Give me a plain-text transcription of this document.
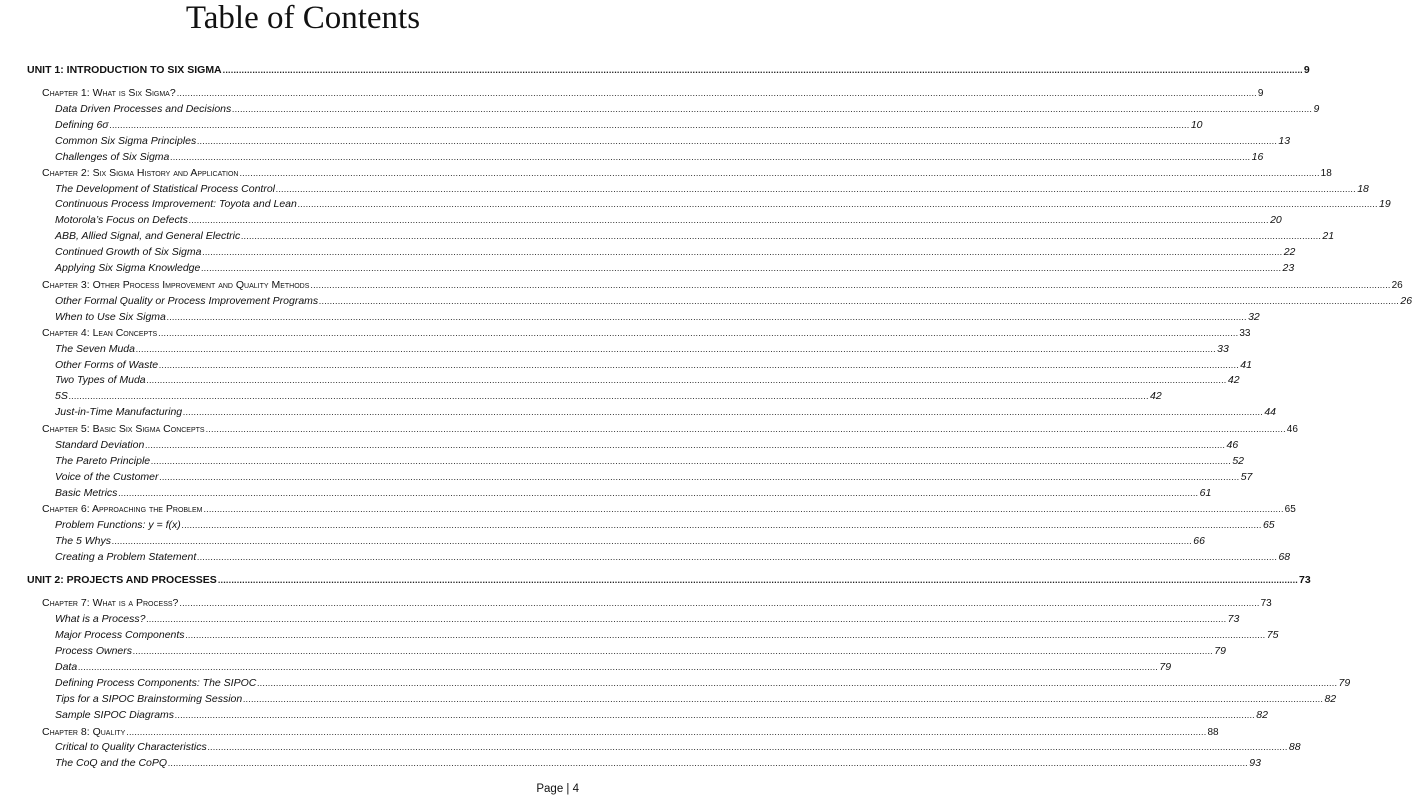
Table of Contents
UNIT 1: INTRODUCTION TO SIX SIGMA ................................................................................................................................................................................................................................................................................................................................................................................................................ 9
Chapter 1: What is Six Sigma? ................................................................................................................................................................................................................................................................................................................................................................................................................ 9
Data Driven Processes and Decisions ................................................................................................................................................................................................................................................................................................................................................................................................................ 9
Defining 6σ ................................................................................................................................................................................................................................................................................................................................................................................................................ 10
Common Six Sigma Principles ................................................................................................................................................................................................................................................................................................................................................................................................................ 13
Challenges of Six Sigma ................................................................................................................................................................................................................................................................................................................................................................................................................ 16
Chapter 2: Six Sigma History and Application ................................................................................................................................................................................................................................................................................................................................................................................................................ 18
The Development of Statistical Process Control ................................................................................................................................................................................................................................................................................................................................................................................................................ 18
Continuous Process Improvement: Toyota and Lean ................................................................................................................................................................................................................................................................................................................................................................................................................ 19
Motorola’s Focus on Defects ................................................................................................................................................................................................................................................................................................................................................................................................................ 20
ABB, Allied Signal, and General Electric ................................................................................................................................................................................................................................................................................................................................................................................................................ 21
Continued Growth of Six Sigma ................................................................................................................................................................................................................................................................................................................................................................................................................ 22
Applying Six Sigma Knowledge ................................................................................................................................................................................................................................................................................................................................................................................................................ 23
Chapter 3: Other Process Improvement and Quality Methods ................................................................................................................................................................................................................................................................................................................................................................................................................ 26
Other Formal Quality or Process Improvement Programs ................................................................................................................................................................................................................................................................................................................................................................................................................ 26
When to Use Six Sigma ................................................................................................................................................................................................................................................................................................................................................................................................................ 32
Chapter 4: Lean Concepts ................................................................................................................................................................................................................................................................................................................................................................................................................ 33
The Seven Muda ................................................................................................................................................................................................................................................................................................................................................................................................................ 33
Other Forms of Waste ................................................................................................................................................................................................................................................................................................................................................................................................................ 41
Two Types of Muda ................................................................................................................................................................................................................................................................................................................................................................................................................ 42
5S ................................................................................................................................................................................................................................................................................................................................................................................................................ 42
Just-in-Time Manufacturing ................................................................................................................................................................................................................................................................................................................................................................................................................ 44
Chapter 5: Basic Six Sigma Concepts ................................................................................................................................................................................................................................................................................................................................................................................................................ 46
Standard Deviation ................................................................................................................................................................................................................................................................................................................................................................................................................ 46
The Pareto Principle ................................................................................................................................................................................................................................................................................................................................................................................................................ 52
Voice of the Customer ................................................................................................................................................................................................................................................................................................................................................................................................................ 57
Basic Metrics ................................................................................................................................................................................................................................................................................................................................................................................................................ 61
Chapter 6: Approaching the Problem ................................................................................................................................................................................................................................................................................................................................................................................................................ 65
Problem Functions: y = f(x) ................................................................................................................................................................................................................................................................................................................................................................................................................ 65
The 5 Whys ................................................................................................................................................................................................................................................................................................................................................................................................................ 66
Creating a Problem Statement ................................................................................................................................................................................................................................................................................................................................................................................................................ 68
UNIT 2: PROJECTS AND PROCESSES ................................................................................................................................................................................................................................................................................................................................................................................................................ 73
Chapter 7: What is a Process? ................................................................................................................................................................................................................................................................................................................................................................................................................ 73
What is a Process? ................................................................................................................................................................................................................................................................................................................................................................................................................ 73
Major Process Components ................................................................................................................................................................................................................................................................................................................................................................................................................ 75
Process Owners ................................................................................................................................................................................................................................................................................................................................................................................................................ 79
Data ................................................................................................................................................................................................................................................................................................................................................................................................................ 79
Defining Process Components: The SIPOC ................................................................................................................................................................................................................................................................................................................................................................................................................ 79
Tips for a SIPOC Brainstorming Session ................................................................................................................................................................................................................................................................................................................................................................................................................ 82
Sample SIPOC Diagrams ................................................................................................................................................................................................................................................................................................................................................................................................................ 82
Chapter 8: Quality ................................................................................................................................................................................................................................................................................................................................................................................................................ 88
Critical to Quality Characteristics ................................................................................................................................................................................................................................................................................................................................................................................................................ 88
The CoQ and the CoPQ ................................................................................................................................................................................................................................................................................................................................................................................................................ 93
Page | 4
